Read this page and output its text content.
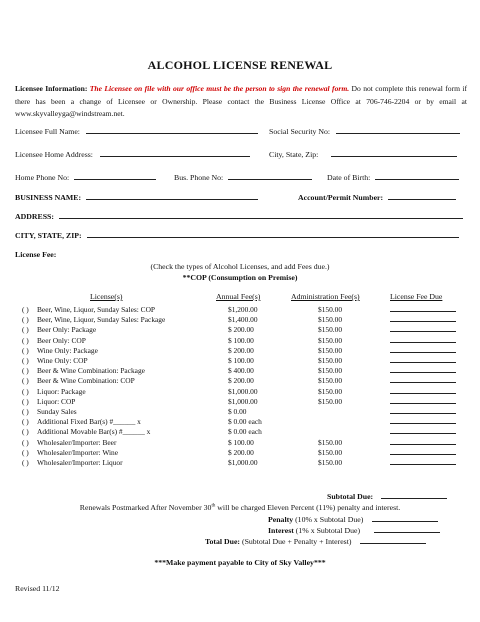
ALCOHOL LICENSE RENEWAL
Licensee Information: The Licensee on file with our office must be the person to sign the renewal form. Do not complete this renewal form if there has been a change of Licensee or Ownership. Please contact the Business License Office at 706-746-2204 or by email at www.skyvalleyga@windstream.net.
Licensee Full Name:	Social Security No:
Licensee Home Address:	City, State, Zip:
Home Phone No:	Bus. Phone No:	Date of Birth:
BUSINESS NAME:	Account/Permit Number:
ADDRESS:
CITY, STATE, ZIP:
License Fee:
(Check the types of Alcohol Licenses, and add Fees due.)
**COP (Consumption on Premise)
License(s)	Annual Fee(s)	Administration Fee(s)	License Fee Due
( ) Beer, Wine, Liquor, Sunday Sales: COP	$1,200.00	$150.00
( ) Beer, Wine, Liquor, Sunday Sales: Package	$1,400.00	$150.00
( ) Beer Only: Package	$ 200.00	$150.00
( ) Beer Only: COP	$ 100.00	$150.00
( ) Wine Only: Package	$ 200.00	$150.00
( ) Wine Only: COP	$ 100.00	$150.00
( ) Beer & Wine Combination: Package	$ 400.00	$150.00
( ) Beer & Wine Combination: COP	$ 200.00	$150.00
( ) Liquor: Package	$1,000.00	$150.00
( ) Liquor: COP	$1,000.00	$150.00
( ) Sunday Sales	$ 0.00
( ) Additional Fixed Bar(s) #______ x	$ 0.00 each
( ) Additional Movable Bar(s) #______ x	$ 0.00 each
( ) Wholesaler/Importer: Beer	$ 100.00	$150.00
( ) Wholesaler/Importer: Wine	$ 200.00	$150.00
( ) Wholesaler/Importer: Liquor	$1,000.00	$150.00
Subtotal Due:
Renewals Postmarked After November 30th will be charged Eleven Percent (11%) penalty and interest.
Penalty (10% x Subtotal Due)
Interest (1% x Subtotal Due)
Total Due: (Subtotal Due + Penalty + Interest)
***Make payment payable to City of Sky Valley***
Revised 11/12
